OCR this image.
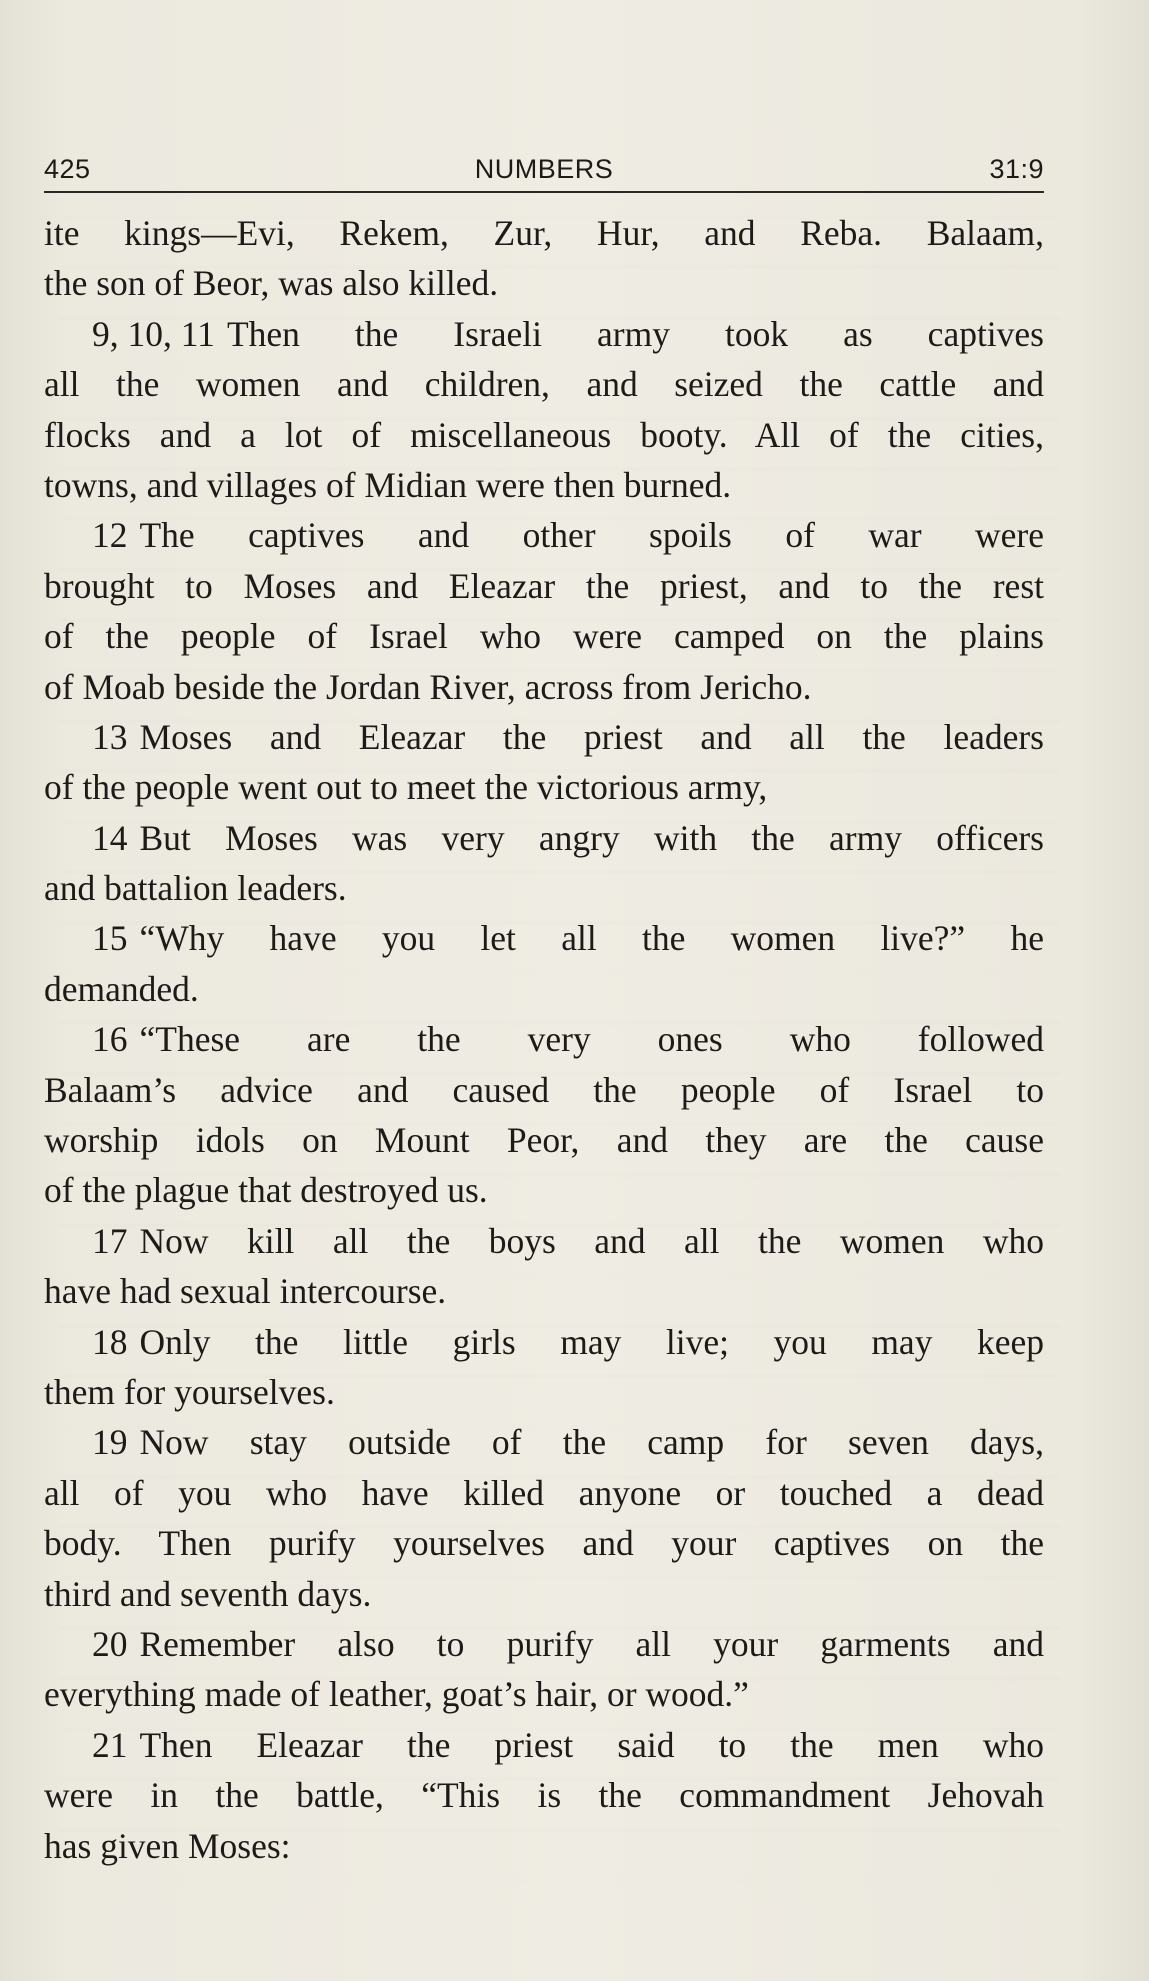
425	NUMBERS	31:9
ite kings—Evi, Rekem, Zur, Hur, and Reba. Balaam,
the son of Beor, was also killed.
9, 10, 11 Then the Israeli army took as captives
all the women and children, and seized the cattle and
flocks and a lot of miscellaneous booty. All of the cities,
towns, and villages of Midian were then burned.
12 The captives and other spoils of war were
brought to Moses and Eleazar the priest, and to the rest
of the people of Israel who were camped on the plains
of Moab beside the Jordan River, across from Jericho.
13 Moses and Eleazar the priest and all the leaders
of the people went out to meet the victorious army,
14 But Moses was very angry with the army officers
and battalion leaders.
15 “Why have you let all the women live?” he
demanded.
16 “These are the very ones who followed
Balaam’s advice and caused the people of Israel to
worship idols on Mount Peor, and they are the cause
of the plague that destroyed us.
17 Now kill all the boys and all the women who
have had sexual intercourse.
18 Only the little girls may live; you may keep
them for yourselves.
19 Now stay outside of the camp for seven days,
all of you who have killed anyone or touched a dead
body. Then purify yourselves and your captives on the
third and seventh days.
20 Remember also to purify all your garments and
everything made of leather, goat’s hair, or wood.”
21 Then Eleazar the priest said to the men who
were in the battle, “This is the commandment Jehovah
has given Moses:
